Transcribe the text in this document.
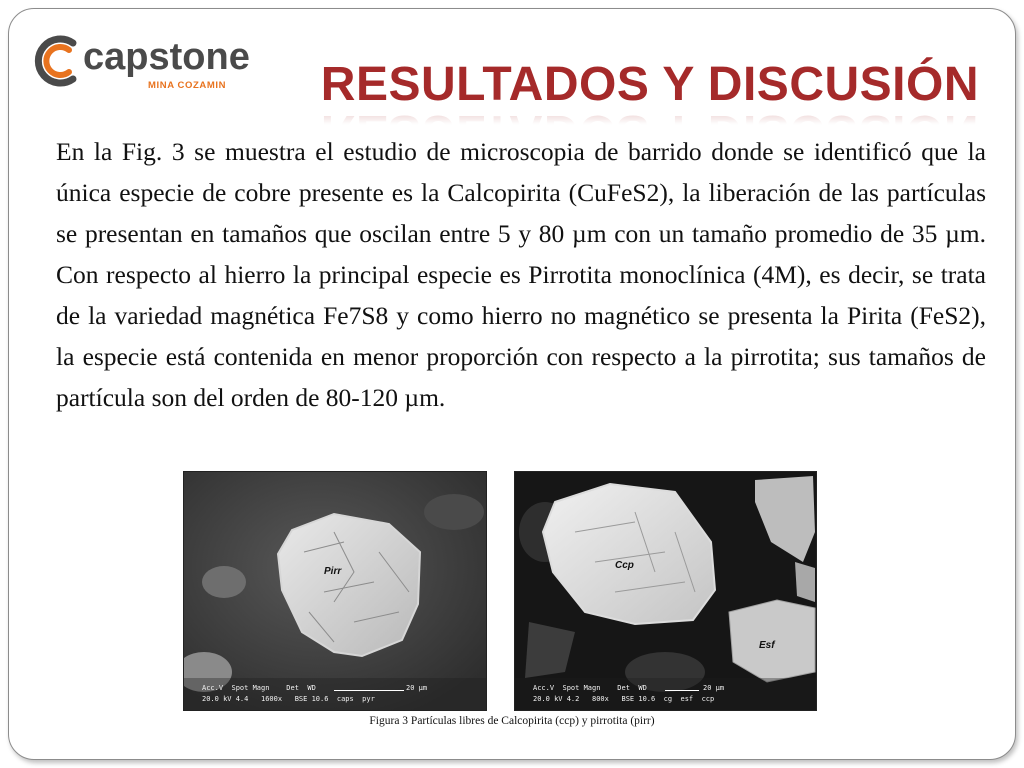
capstone
MINA COZAMIN RESULTADOS Y DISCUSIÓN

En la Fig. 3 se muestra el estudio de microscopia de barrido donde se identificó que la única especie de cobre presente es la Calcopirita (CuFeS2), la liberación de las partículas se presentan en tamaños que oscilan entre 5 y 80 µm con un tamaño promedio de 35 µm. Con respecto al hierro la principal especie es Pirrotita monoclínica (4M), es decir, se trata de la variedad magnética Fe7S8 y como hierro no magnético se presenta la Pirita (FeS2), la especie está contenida en menor proporción con respecto a la pirrotita; sus tamaños de partícula son del orden de 80-120 µm.

Pirr
Acc.V  Spot Magn    Det  WD
20.0 kV 4.4   1600x   BSE 10.6  caps  pyr
20 µm
Ccp
Esf
Acc.V  Spot Magn    Det  WD
20.0 kV 4.2   800x   BSE 10.6  cg  esf  ccp
20 µm
Figura 3 Partículas libres de Calcopirita (ccp) y pirrotita (pirr)
